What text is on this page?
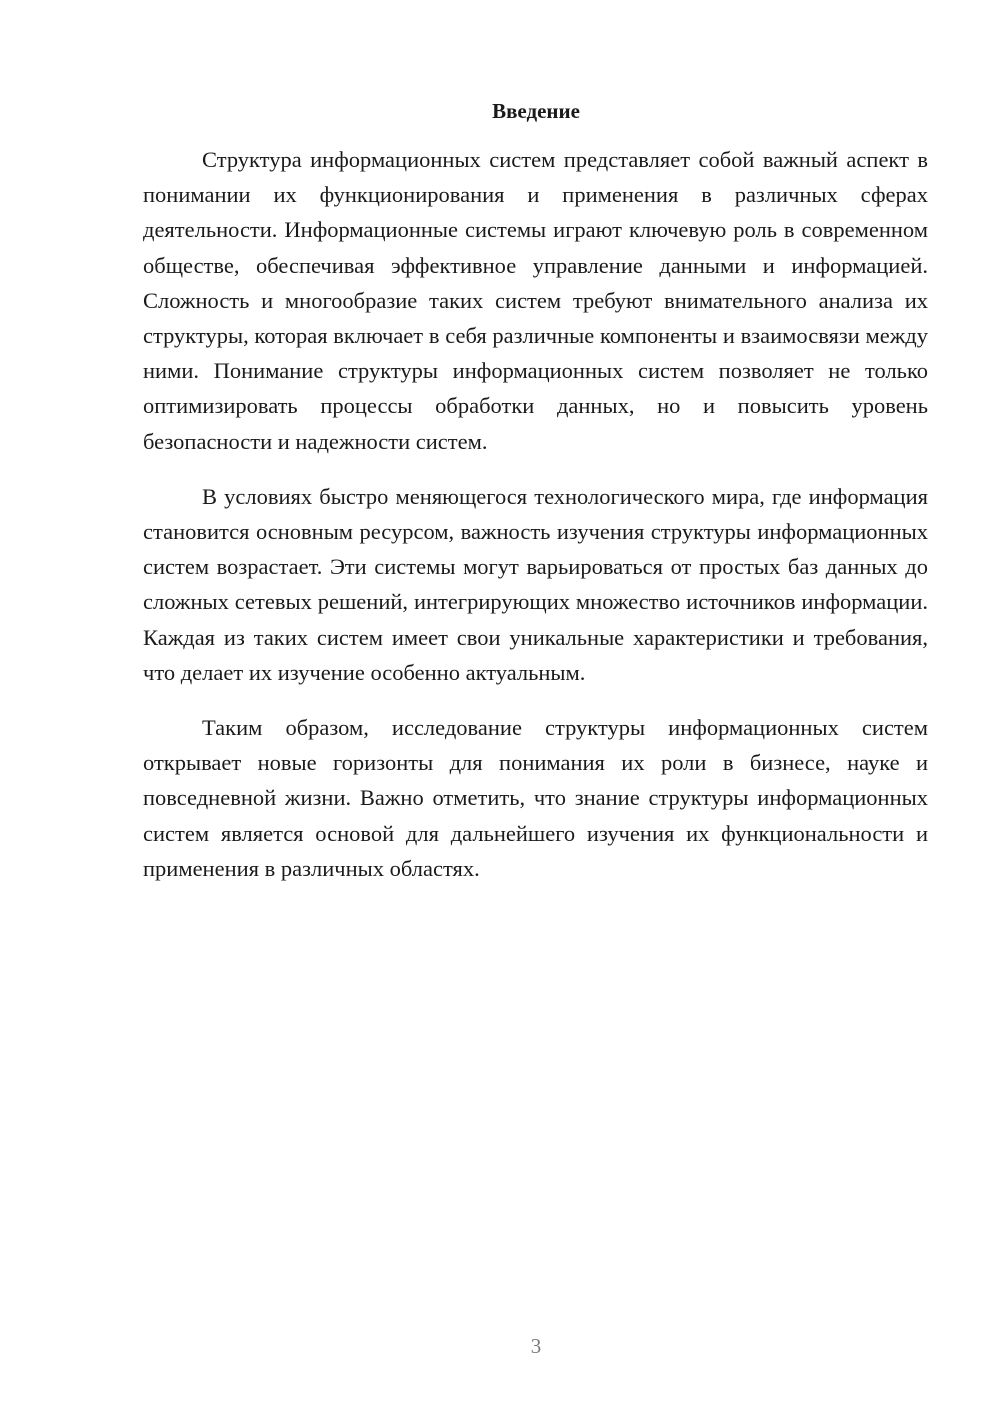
Введение

Структура информационных систем представляет собой важный аспект в понимании их функционирования и применения в различных сферах деятельности. Информационные системы играют ключевую роль в современном обществе, обеспечивая эффективное управление данными и информацией. Сложность и многообразие таких систем требуют внимательного анализа их структуры, которая включает в себя различные компоненты и взаимосвязи между ними. Понимание структуры информационных систем позволяет не только оптимизировать процессы обработки данных, но и повысить уровень безопасности и надежности систем.

В условиях быстро меняющегося технологического мира, где информация становится основным ресурсом, важность изучения структуры информационных систем возрастает. Эти системы могут варьироваться от простых баз данных до сложных сетевых решений, интегрирующих множество источников информации. Каждая из таких систем имеет свои уникальные характеристики и требования, что делает их изучение особенно актуальным.

Таким образом, исследование структуры информационных систем открывает новые горизонты для понимания их роли в бизнесе, науке и повседневной жизни. Важно отметить, что знание структуры информационных систем является основой для дальнейшего изучения их функциональности и применения в различных областях.

3
